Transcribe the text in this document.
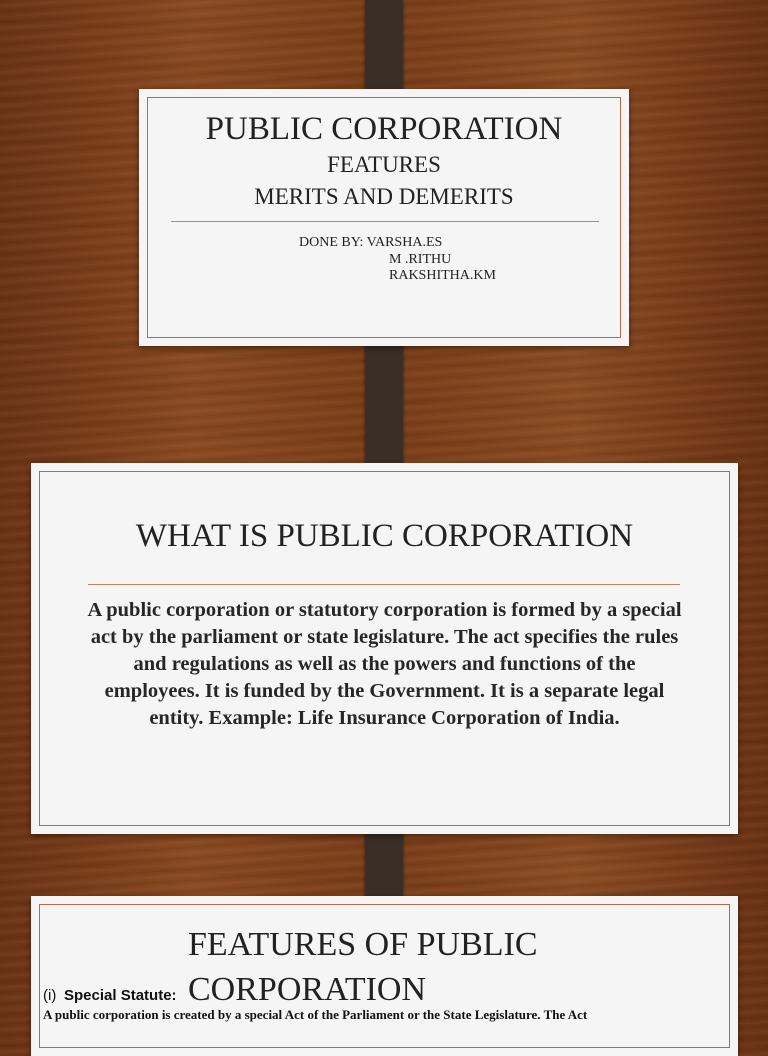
PUBLIC CORPORATION
FEATURES
MERITS AND DEMERITS
DONE BY: VARSHA.ES
M .RITHU
RAKSHITHA.KM
WHAT IS PUBLIC CORPORATION
A public corporation or statutory corporation is formed by a special act by the parliament or state legislature. The act specifies the rules and regulations as well as the powers and functions of the employees. It is funded by the Government. It is a separate legal entity. Example: Life Insurance Corporation of India.
FEATURES OF PUBLIC
CORPORATION
(i) Special Statute:
A public corporation is created by a special Act of the Parliament or the State Legislature. The Act
